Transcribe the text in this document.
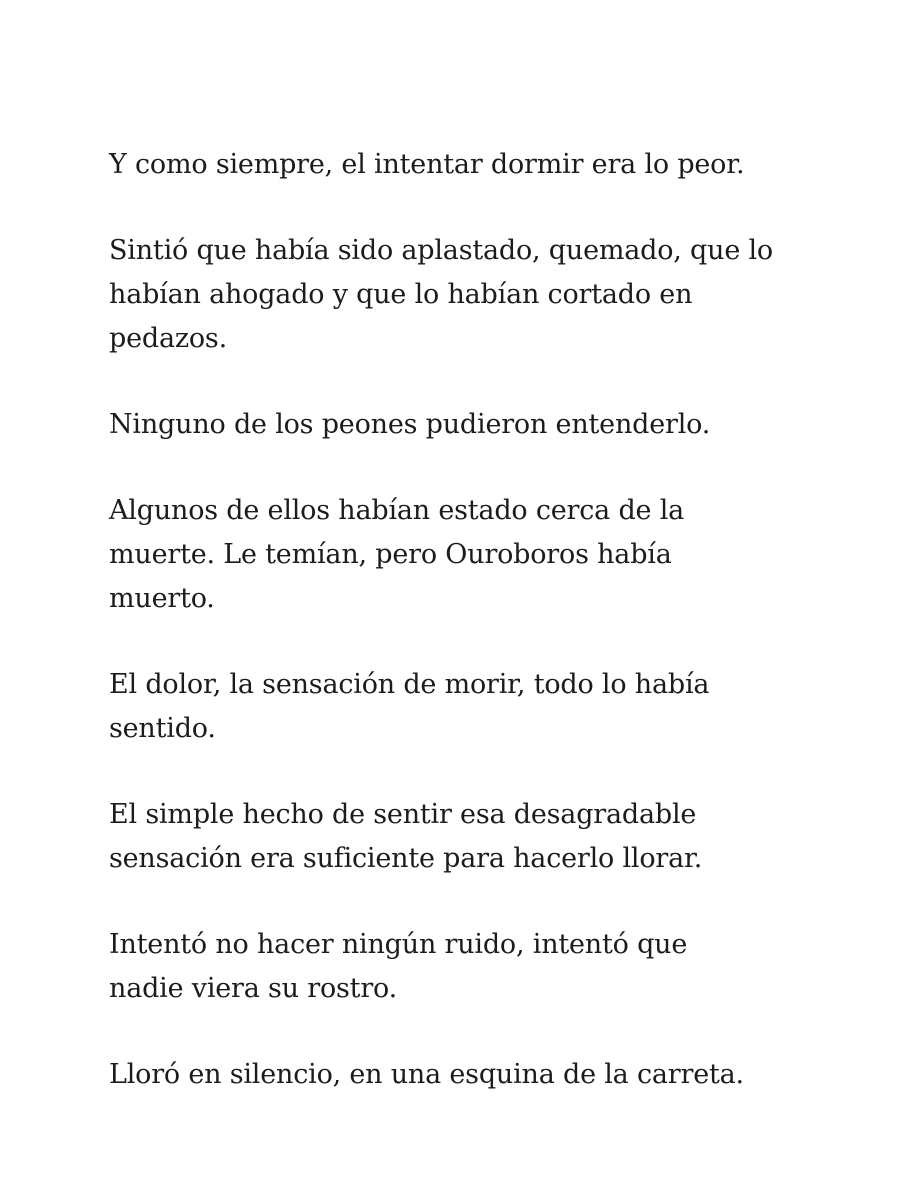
Y como siempre, el intentar dormir era lo peor.

Sintió que había sido aplastado, quemado, que lo
habían ahogado y que lo habían cortado en
pedazos.

Ninguno de los peones pudieron entenderlo.

Algunos de ellos habían estado cerca de la
muerte. Le temían, pero Ouroboros había
muerto.

El dolor, la sensación de morir, todo lo había
sentido.

El simple hecho de sentir esa desagradable
sensación era suficiente para hacerlo llorar.

Intentó no hacer ningún ruido, intentó que
nadie viera su rostro.

Lloró en silencio, en una esquina de la carreta.
